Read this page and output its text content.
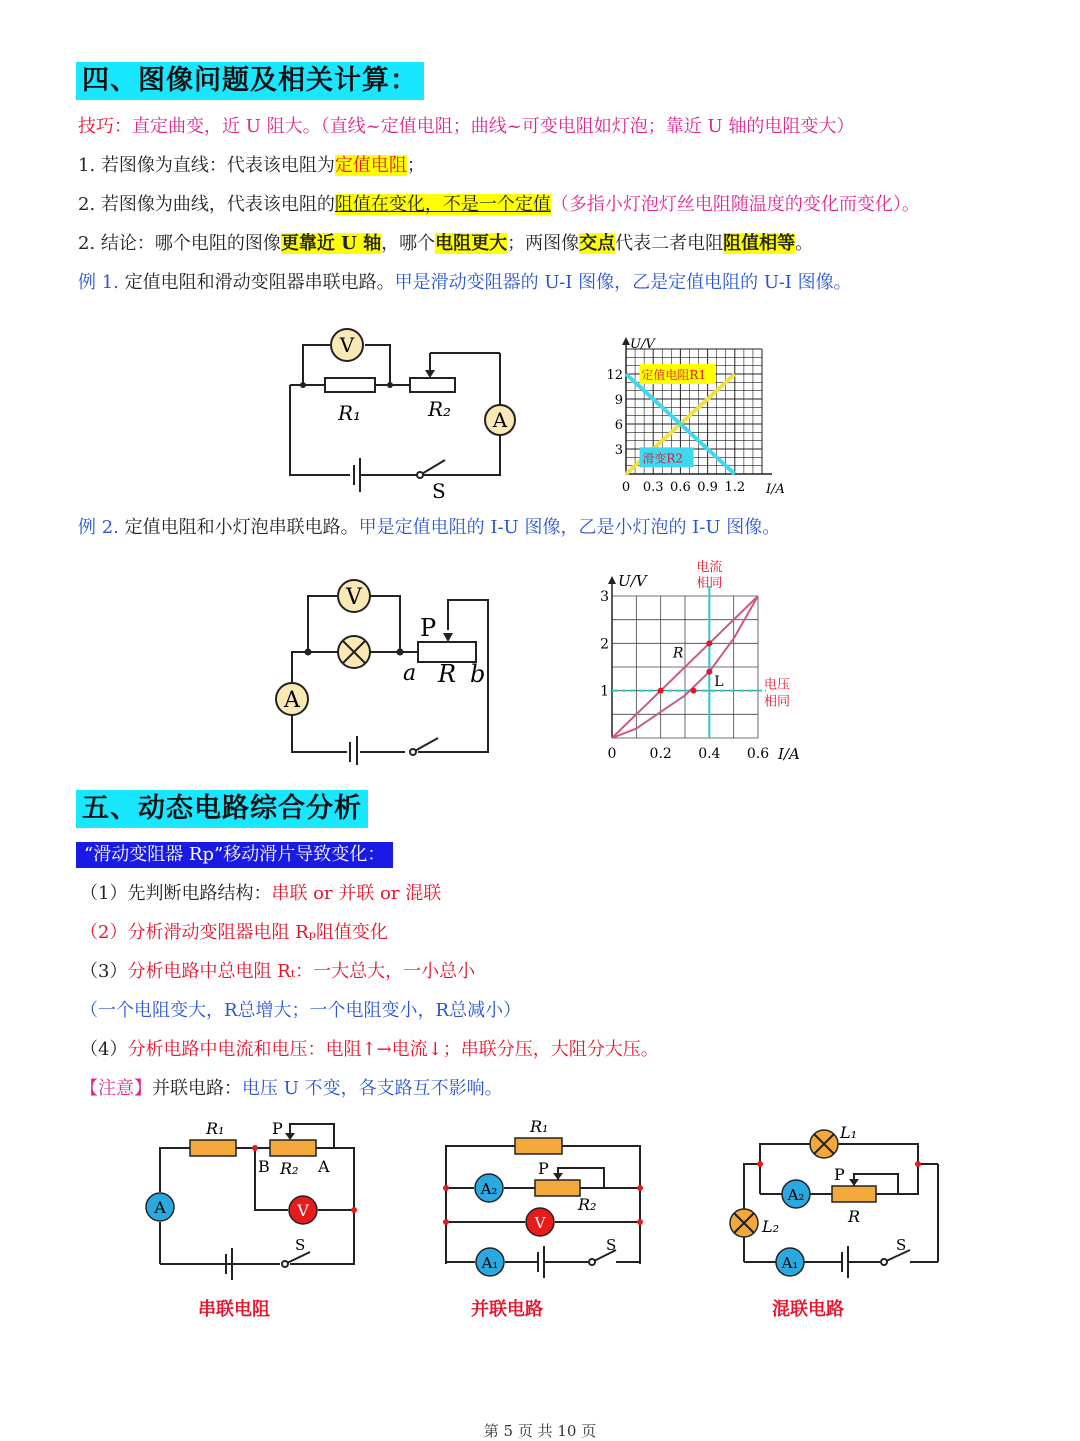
四、图像问题及相关计算：
技巧：直定曲变，近 U 阻大。（直线~定值电阻；曲线~可变电阻如灯泡；靠近 U 轴的电阻变大）
1. 若图像为直线：代表该电阻为定值电阻；
2. 若图像为曲线，代表该电阻的阻值在变化，不是一个定值（多指小灯泡灯丝电阻随温度的变化而变化）。
2. 结论：哪个电阻的图像更靠近 U 轴，哪个电阻更大；两图像交点代表二者电阻阻值相等。
例 1. 定值电阻和滑动变阻器串联电路。甲是滑动变阻器的 U-I 图像，乙是定值电阻的 U-I 图像。
V
A
R₁	R₂
S	0 0.3 0.6 0.9 1.2
3
6
9
12
U/V
I/A
定值电阻R1
滑变R2
例 2. 定值电阻和小灯泡串联电路。甲是定值电阻的 I-U 图像，乙是小灯泡的 I-U 图像。
V
A
P
a R b
0 0.2 0.4 0.6
1
2
3
U/V
I/A
电流
相同
电压
相同
R
L
五、动态电路综合分析
“滑动变阻器 Rp”移动滑片导致变化：
（1）先判断电路结构：串联 or 并联 or 混联
（2）分析滑动变阻器电阻 Rₚ阻值变化
（3）分析电路中总电阻 Rₜ：一大总大，一小总小
（一个电阻变大，R总增大；一个电阻变小，R总减小）
（4）分析电路中电流和电压：电阻↑→电流↓；串联分压，大阻分大压。
【注意】并联电路：电压 U 不变，各支路互不影响。
A	V
R₁	P
B R₂ A
S
串联电阻
A₂
V
A₁
R₁
P
R₂
S
并联电路
A₂
A₁
L₁
L₂
P
R
S
混联电路
第 5 页 共 10 页
